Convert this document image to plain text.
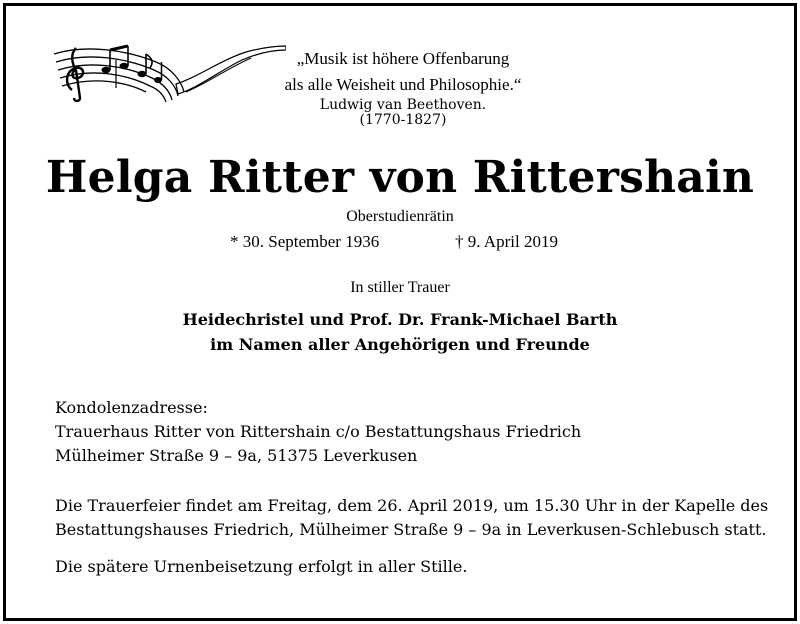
„Musik ist höhere Offenbarung
als alle Weisheit und Philosophie.“
Ludwig van Beethoven.
(1770-1827)
Helga Ritter von Rittershain
Oberstudienrätin
* 30. September 1936	† 9. April 2019
In stiller Trauer
Heidechristel und Prof. Dr. Frank-Michael Barth
im Namen aller Angehörigen und Freunde
Kondolenzadresse:
Trauerhaus Ritter von Rittershain c/o Bestattungshaus Friedrich
Mülheimer Straße 9 – 9a, 51375 Leverkusen
Die Trauerfeier findet am Freitag, dem 26. April 2019, um 15.30 Uhr in der Kapelle des
Bestattungshauses Friedrich, Mülheimer Straße 9 – 9a in Leverkusen-Schlebusch statt.
Die spätere Urnenbeisetzung erfolgt in aller Stille.
